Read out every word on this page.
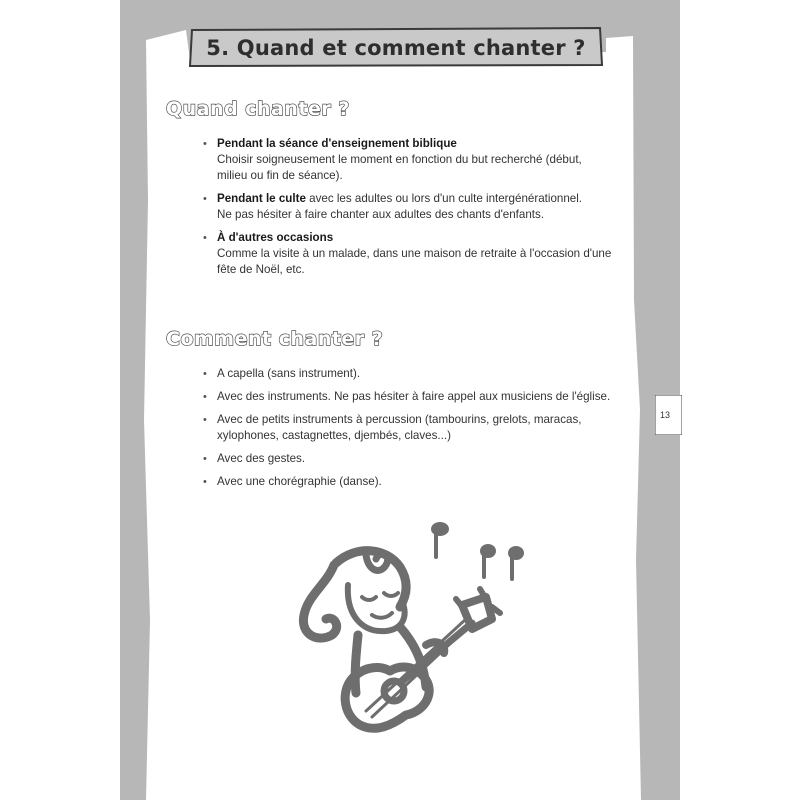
5. Quand et comment chanter ?
Quand chanter ?
• Pendant la séance d'enseignement biblique
Choisir soigneusement le moment en fonction du but recherché (début, milieu ou fin de séance).
• Pendant le culte avec les adultes ou lors d'un culte intergénérationnel.
Ne pas hésiter à faire chanter aux adultes des chants d'enfants.
• À d'autres occasions
Comme la visite à un malade, dans une maison de retraite à l'occasion d'une fête de Noël, etc.
Comment chanter ?
• A capella (sans instrument).
• Avec des instruments. Ne pas hésiter à faire appel aux musiciens de l'église.
• Avec de petits instruments à percussion (tambourins, grelots, maracas, xylophones, castagnettes, djembés, claves...)
• Avec des gestes.
• Avec une chorégraphie (danse).
13
